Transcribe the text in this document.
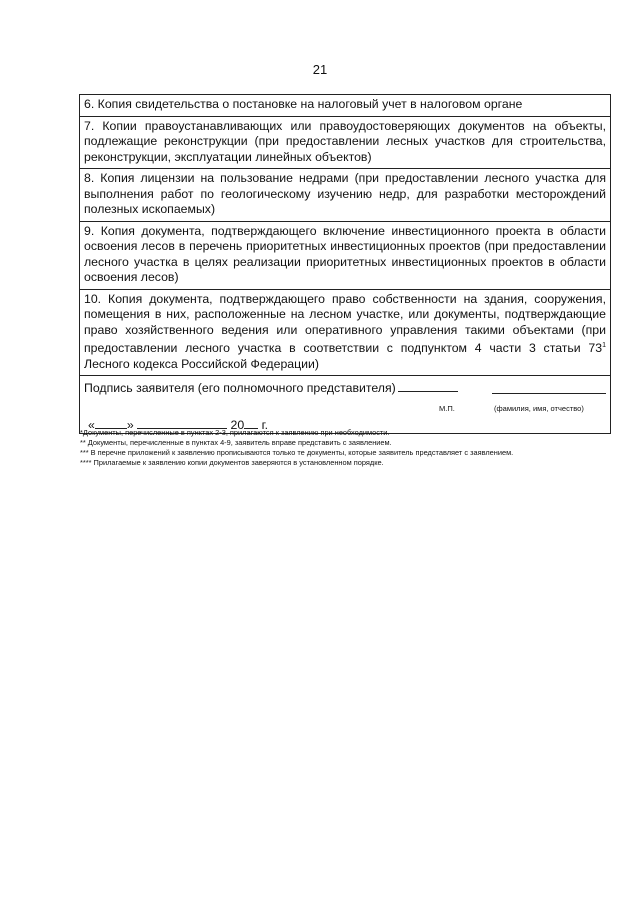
21
6. Копия свидетельства о постановке на налоговый учет в налоговом органе
7. Копии правоустанавливающих или правоудостоверяющих документов на объекты, подлежащие реконструкции (при предоставлении лесных участков для строительства, реконструкции, эксплуатации линейных объектов)
8. Копия лицензии на пользование недрами (при предоставлении лесного участка для выполнения работ по геологическому изучению недр, для разработки месторождений полезных ископаемых)
9. Копия документа, подтверждающего включение инвестиционного проекта в области освоения лесов в перечень приоритетных инвестиционных проектов (при предоставлении лесного участка в целях реализации приоритетных инвестиционных проектов в области освоения лесов)
10. Копия документа, подтверждающего право собственности на здания, сооружения, помещения в них, расположенные на лесном участке, или документы, подтверждающие право хозяйственного ведения или оперативного управления такими объектами (при предоставлении лесного участка в соответствии с подпунктом 4 части 3 статьи $73^1$ Лесного кодекса Российской Федерации)

Подпись заявителя (его полномочного представителя)
М.П.	(фамилия, имя, отчество)
«	»	20 г.
*Документы, перечисленные в пунктах 2-3, прилагаются к заявлению при необходимости.
** Документы, перечисленные в пунктах 4-9, заявитель вправе представить с заявлением.
*** В перечне приложений к заявлению прописываются только те документы, которые заявитель представляет с заявлением.
**** Прилагаемые к заявлению копии документов заверяются в установленном порядке.
